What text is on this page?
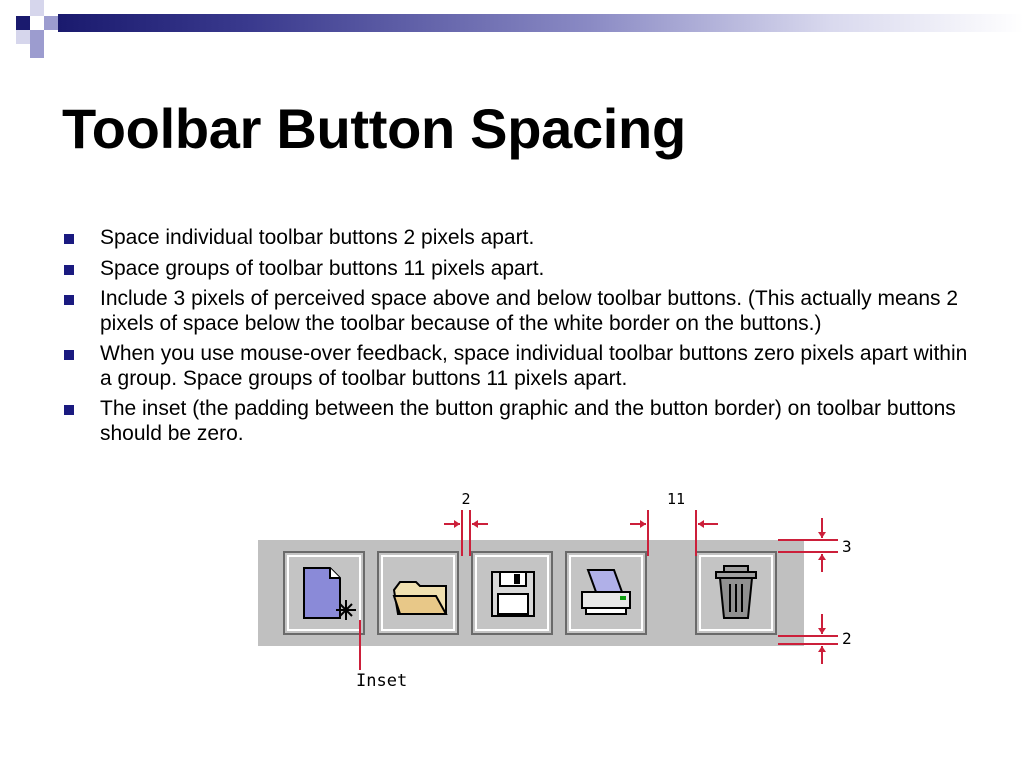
Toolbar Button Spacing
Space individual toolbar buttons 2 pixels apart.
Space groups of toolbar buttons 11 pixels apart.
Include 3 pixels of perceived space above and below toolbar buttons. (This actually means 2 pixels of space below the toolbar because of the white border on the buttons.)
When you use mouse-over feedback, space individual toolbar buttons zero pixels apart within a group. Space groups of toolbar buttons 11 pixels apart.
The inset (the padding between the button graphic and the button border) on toolbar buttons should be zero.
2	11
3
2
Inset
